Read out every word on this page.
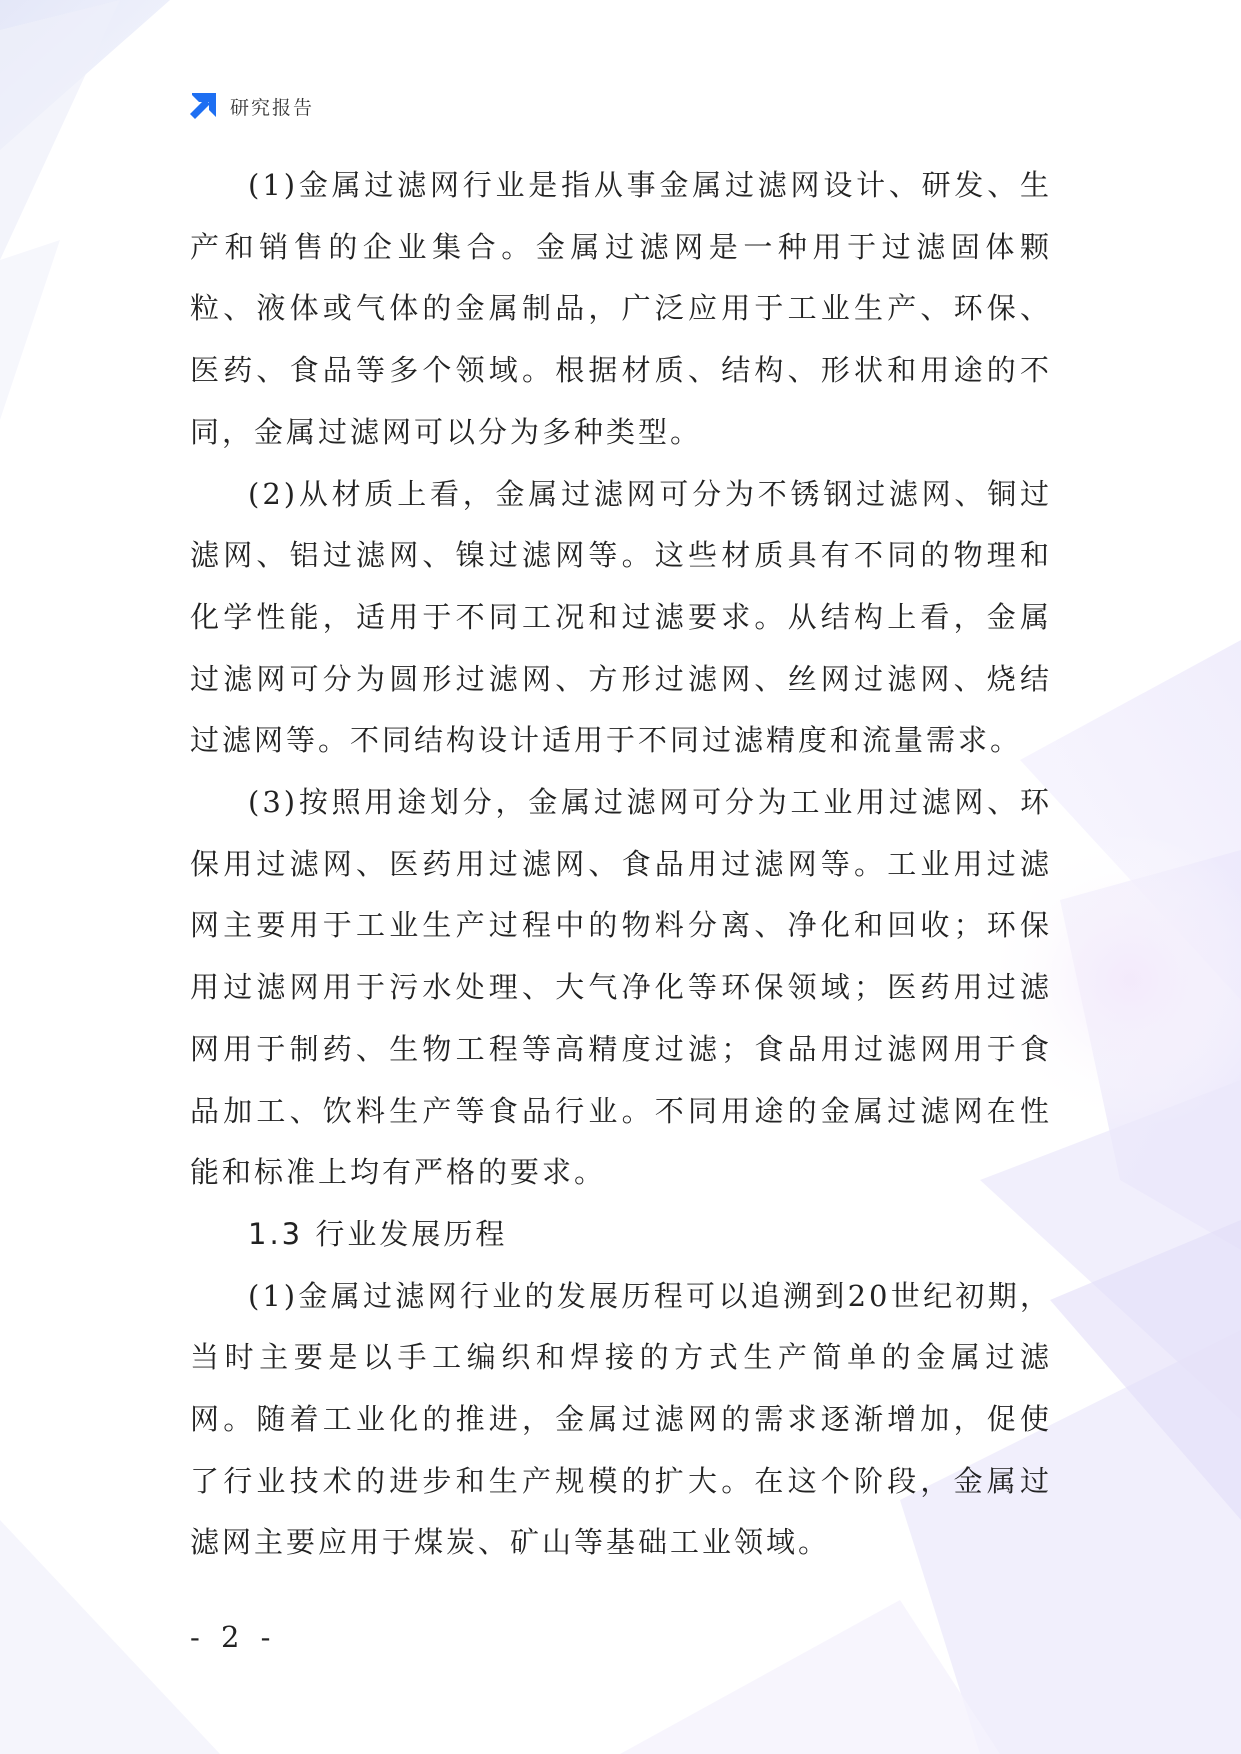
研究报告

(1)金属过滤网行业是指从事金属过滤网设计、研发、生产和销售的企业集合。金属过滤网是一种用于过滤固体颗粒、液体或气体的金属制品，广泛应用于工业生产、环保、医药、食品等多个领域。根据材质、结构、形状和用途的不同，金属过滤网可以分为多种类型。

(2)从材质上看，金属过滤网可分为不锈钢过滤网、铜过滤网、铝过滤网、镍过滤网等。这些材质具有不同的物理和化学性能，适用于不同工况和过滤要求。从结构上看，金属过滤网可分为圆形过滤网、方形过滤网、丝网过滤网、烧结过滤网等。不同结构设计适用于不同过滤精度和流量需求。

(3)按照用途划分，金属过滤网可分为工业用过滤网、环保用过滤网、医药用过滤网、食品用过滤网等。工业用过滤网主要用于工业生产过程中的物料分离、净化和回收；环保用过滤网用于污水处理、大气净化等环保领域；医药用过滤网用于制药、生物工程等高精度过滤；食品用过滤网用于食品加工、饮料生产等食品行业。不同用途的金属过滤网在性能和标准上均有严格的要求。

1.3 行业发展历程

(1)金属过滤网行业的发展历程可以追溯到20世纪初期，当时主要是以手工编织和焊接的方式生产简单的金属过滤网。随着工业化的推进，金属过滤网的需求逐渐增加，促使了行业技术的进步和生产规模的扩大。在这个阶段，金属过滤网主要应用于煤炭、矿山等基础工业领域。

- 2 -
